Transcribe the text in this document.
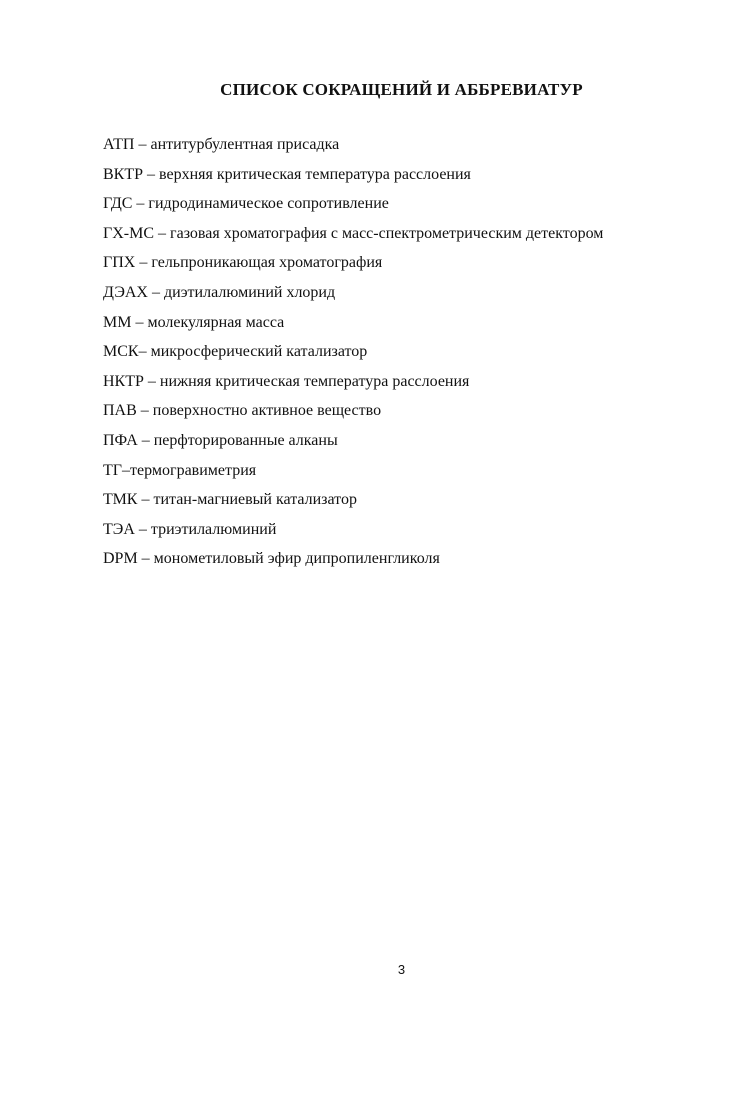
СПИСОК СОКРАЩЕНИЙ И АББРЕВИАТУР
АТП – антитурбулентная присадка
ВКТР – верхняя критическая температура расслоения
ГДС – гидродинамическое сопротивление
ГХ-МС – газовая хроматография с масс-спектрометрическим детектором
ГПХ – гельпроникающая хроматография
ДЭАХ – диэтилалюминий хлорид
ММ – молекулярная масса
МСК– микросферический катализатор
НКТР – нижняя критическая температура расслоения
ПАВ – поверхностно активное вещество
ПФА – перфторированные алканы
ТГ–термогравиметрия
ТМК – титан-магниевый катализатор
ТЭА – триэтилалюминий
DPM – монометиловый эфир дипропиленгликоля
3
